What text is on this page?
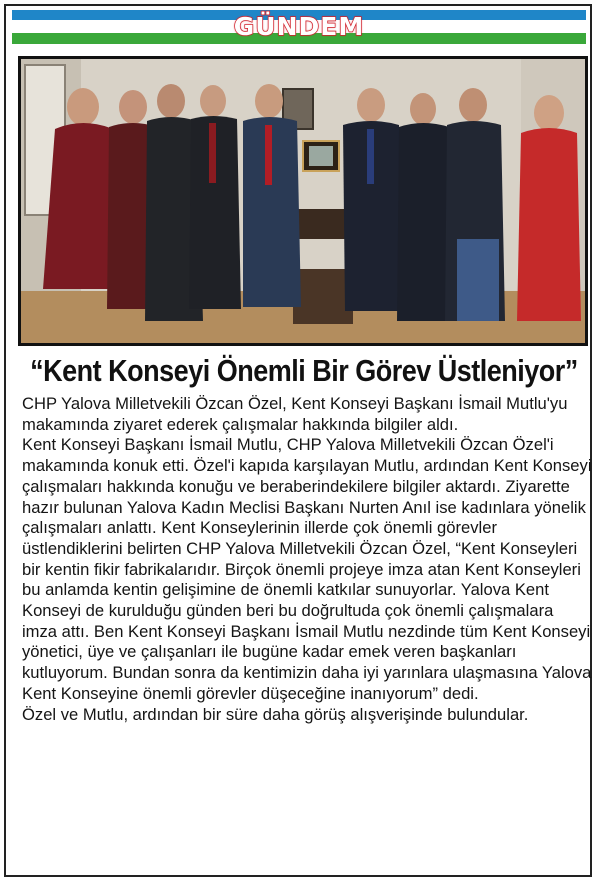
GÜNDEM
“Kent Konseyi Önemli Bir Görev Üstleniyor”

CHP Yalova Milletvekili Özcan Özel, Kent Konseyi Başkanı İsmail Mutlu'yu makamında ziyaret ederek çalışmalar hakkında bilgiler aldı.

Kent Konseyi Başkanı İsmail Mutlu, CHP Yalova Milletvekili Özcan Özel'i makamında konuk etti. Özel'i kapıda karşılayan Mutlu, ardından Kent Konseyi çalışmaları hakkında konuğu ve beraberindekilere bilgiler aktardı. Ziyarette hazır bulunan Yalova Kadın Meclisi Başkanı Nurten Anıl ise kadınlara yönelik çalışmaları anlattı. Kent Konseylerinin illerde çok önemli görevler üstlendiklerini belirten CHP Yalova Milletvekili Özcan Özel, “Kent Konseyleri bir kentin fikir fabrikalarıdır. Birçok önemli projeye imza atan Kent Konseyleri bu anlamda kentin gelişimine de önemli katkılar sunuyorlar. Yalova Kent Konseyi de kurulduğu günden beri bu doğrultuda çok önemli çalışmalara imza attı. Ben Kent Konseyi Başkanı İsmail Mutlu nezdinde tüm Kent Konseyi yönetici, üye ve çalışanları ile bugüne kadar emek veren başkanları kutluyorum. Bundan sonra da kentimizin daha iyi yarınlara ulaşmasına Yalova Kent Konseyine önemli görevler düşeceğine inanıyorum” dedi.

Özel ve Mutlu, ardından bir süre daha görüş alışverişinde bulundular.
